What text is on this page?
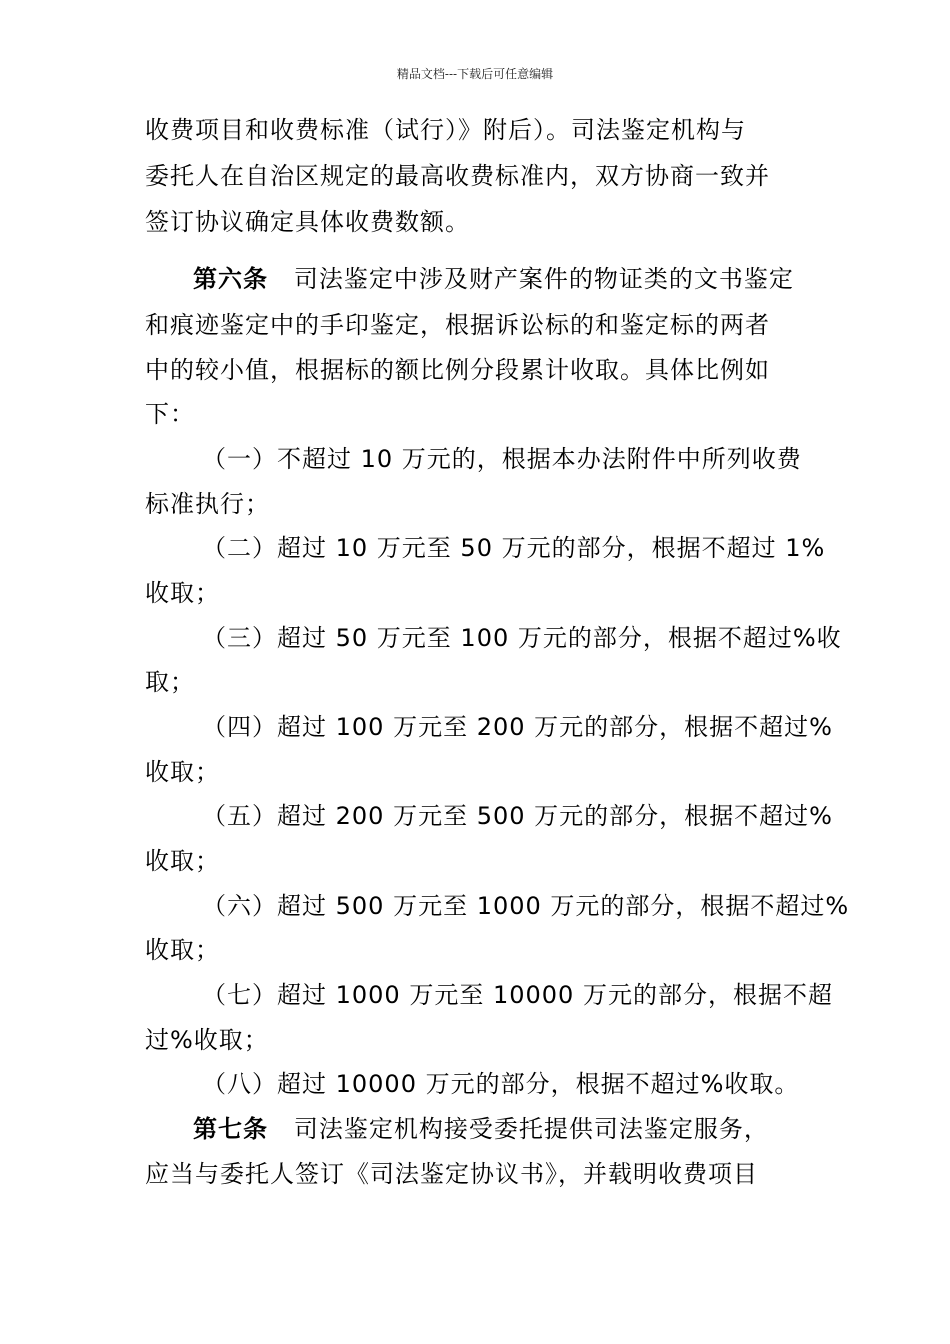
精品文档---下载后可任意编辑
收费项目和收费标准（试行）》附后）。司法鉴定机构与
委托人在自治区规定的最高收费标准内，双方协商一致并
签订协议确定具体收费数额。
第六条   司法鉴定中涉及财产案件的物证类的文书鉴定
和痕迹鉴定中的手印鉴定，根据诉讼标的和鉴定标的两者
中的较小值，根据标的额比例分段累计收取。具体比例如
下：
（一）不超过 10 万元的，根据本办法附件中所列收费
标准执行；
（二）超过 10 万元至 50 万元的部分，根据不超过 1%
收取；
（三）超过 50 万元至 100 万元的部分，根据不超过%收
取；
（四）超过 100 万元至 200 万元的部分，根据不超过%
收取；
（五）超过 200 万元至 500 万元的部分，根据不超过%
收取；
（六）超过 500 万元至 1000 万元的部分，根据不超过%
收取；
（七）超过 1000 万元至 10000 万元的部分，根据不超
过%收取；
（八）超过 10000 万元的部分，根据不超过%收取。
第七条   司法鉴定机构接受委托提供司法鉴定服务，
应当与委托人签订《司法鉴定协议书》，并载明收费项目
